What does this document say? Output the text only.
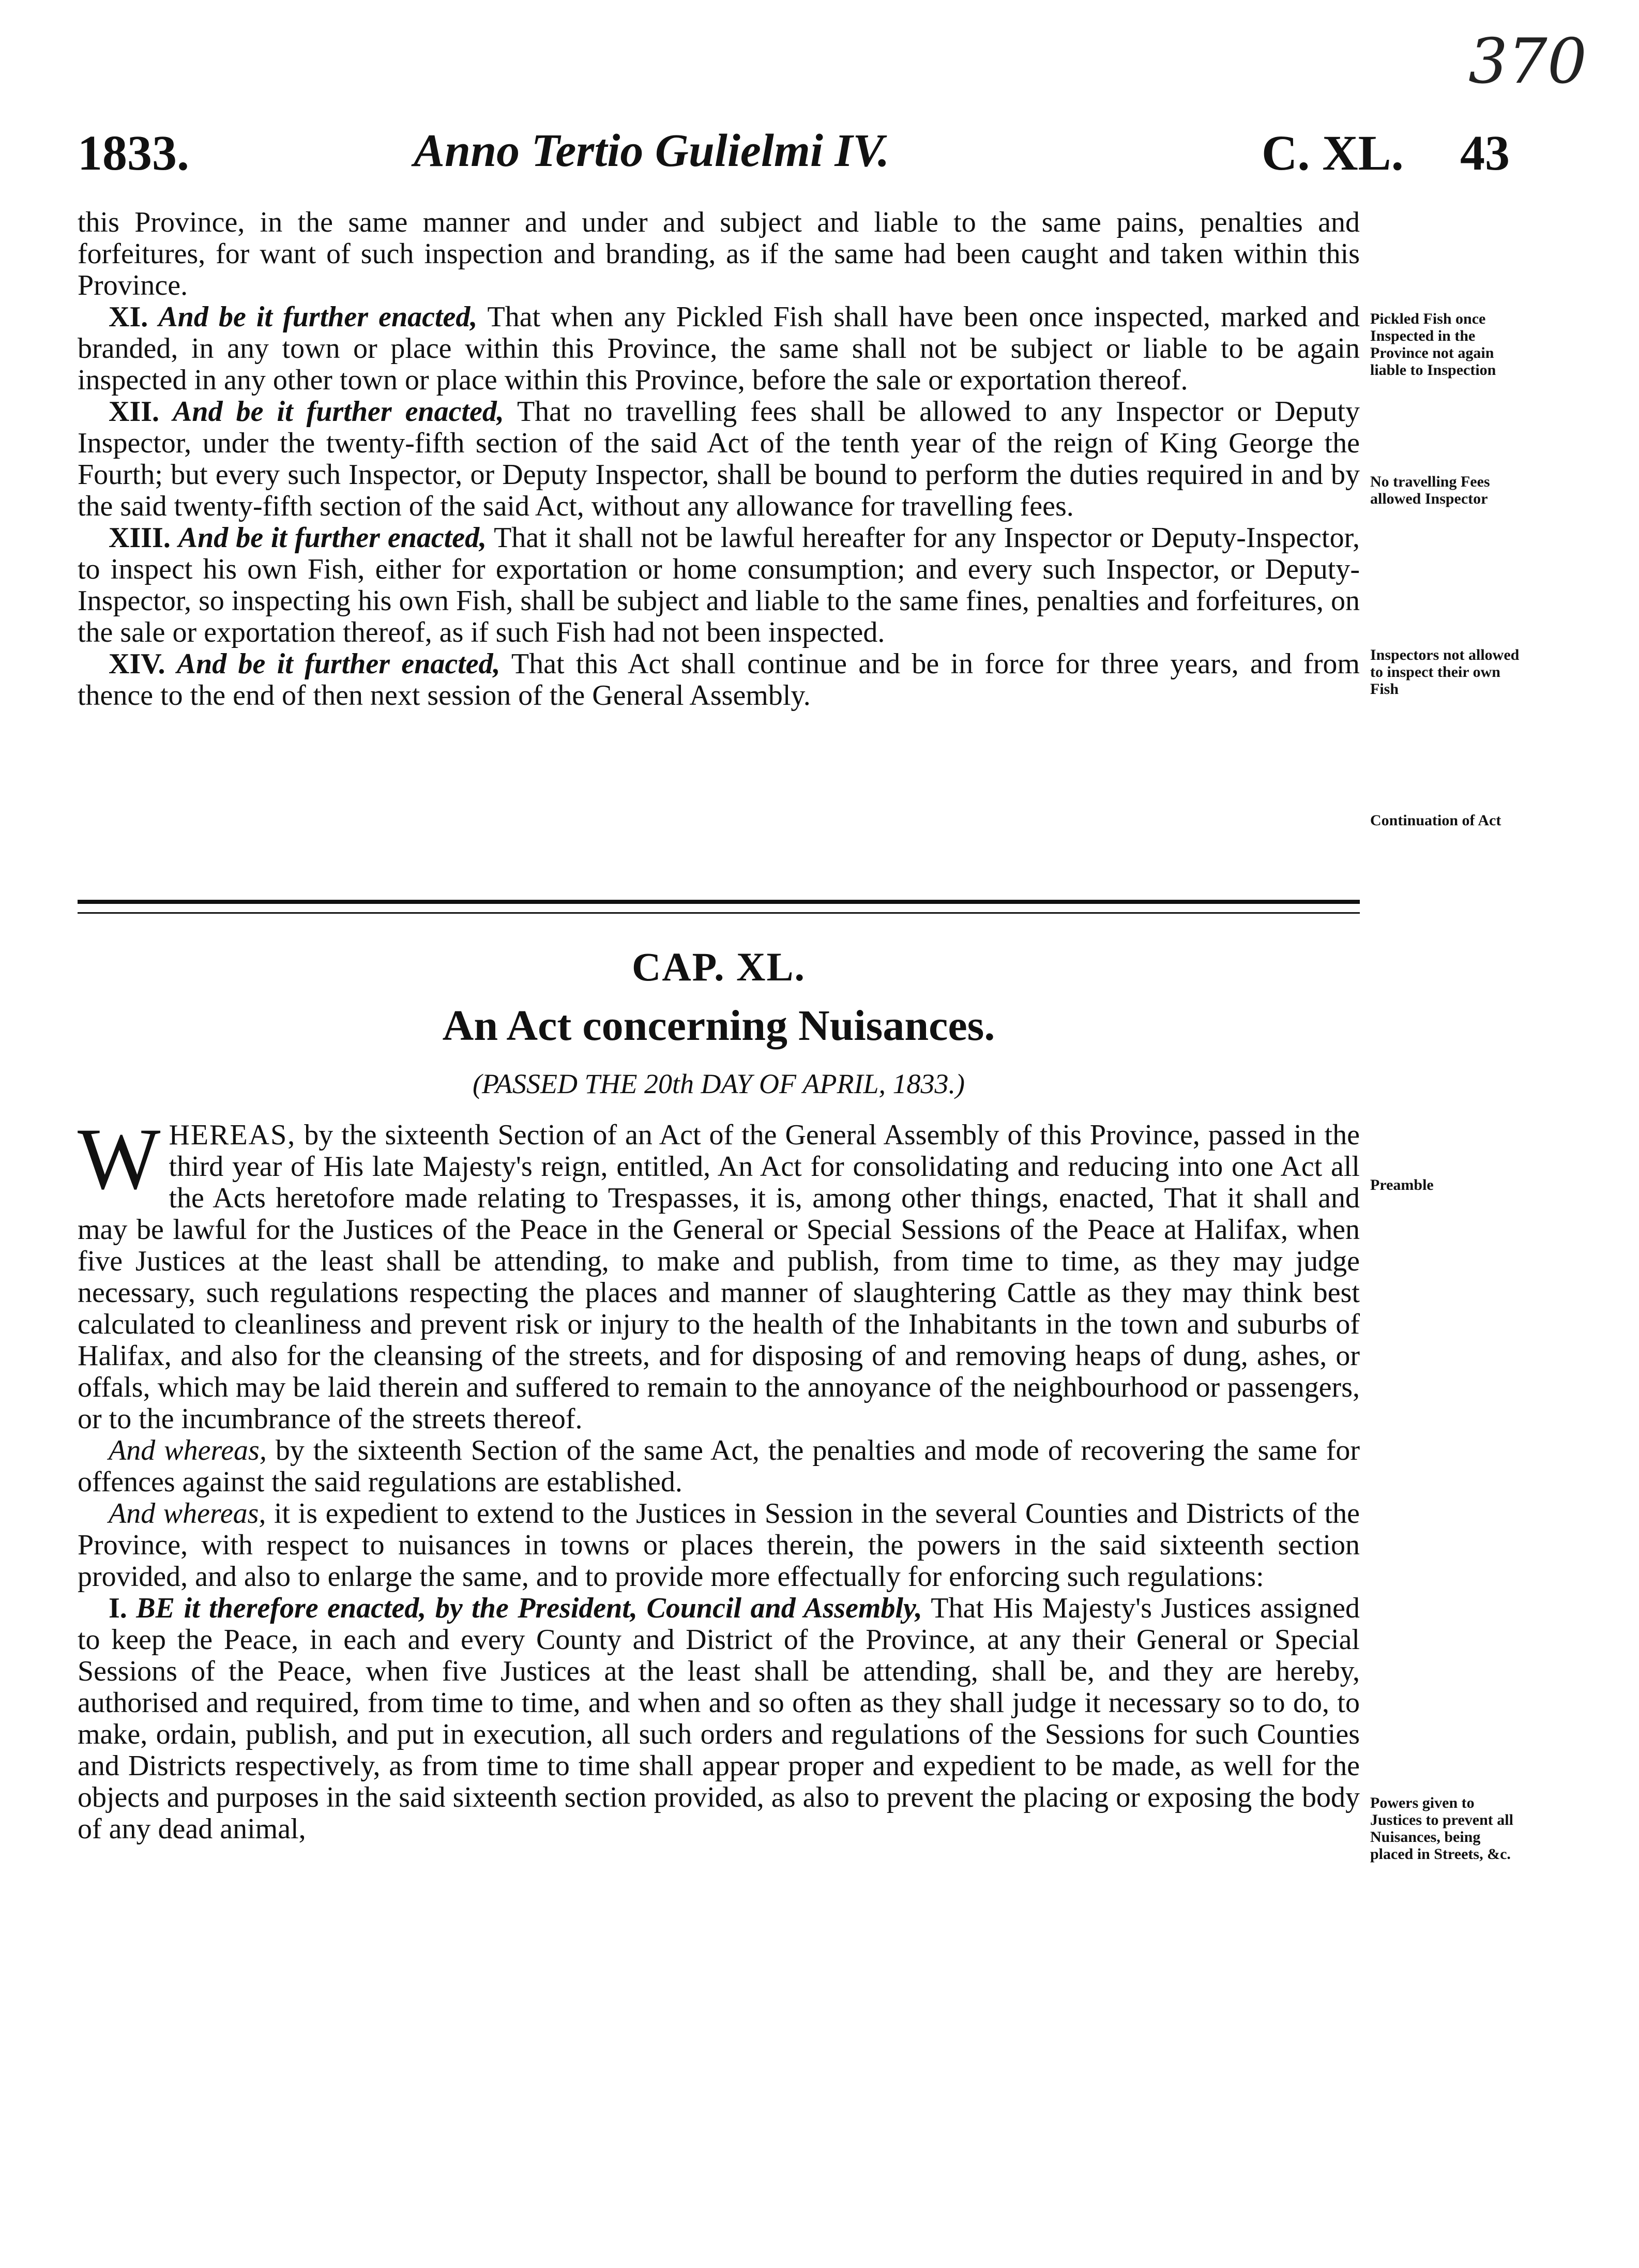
370
1833.	Anno Tertio Gulielmi IV.	C. XL. 43

this Province, in the same manner and under and subject and liable to the same pains, penalties and forfeitures, for want of such inspection and branding, as if the same had been caught and taken within this Province.

XI. And be it further enacted, That when any Pickled Fish shall have been once inspected, marked and branded, in any town or place within this Province, the same shall not be subject or liable to be again inspected in any other town or place within this Province, before the sale or exportation thereof.

XII. And be it further enacted, That no travelling fees shall be allowed to any Inspector or Deputy Inspector, under the twenty-fifth section of the said Act of the tenth year of the reign of King George the Fourth; but every such Inspector, or Deputy Inspector, shall be bound to perform the duties required in and by the said twenty-fifth section of the said Act, without any allowance for travelling fees.

XIII. And be it further enacted, That it shall not be lawful hereafter for any Inspector or Deputy-Inspector, to inspect his own Fish, either for exportation or home consumption; and every such Inspector, or Deputy-Inspector, so inspecting his own Fish, shall be subject and liable to the same fines, penalties and forfeitures, on the sale or exportation thereof, as if such Fish had not been inspected.

XIV. And be it further enacted, That this Act shall continue and be in force for three years, and from thence to the end of then next session of the General Assembly.

CAP. XL.
An Act concerning Nuisances.
(PASSED THE 20th DAY OF APRIL, 1833.)
W HEREAS, by the sixteenth Section of an Act of the General Assembly of this Province, passed in the third year of His late Majesty's reign, entitled, An Act for consolidating and reducing into one Act all the Acts heretofore made relating to Trespasses, it is, among other things, enacted, That it shall and may be lawful for the Justices of the Peace in the General or Special Sessions of the Peace at Halifax, when five Justices at the least shall be attending, to make and publish, from time to time, as they may judge necessary, such regulations respecting the places and manner of slaughtering Cattle as they may think best calculated to cleanliness and prevent risk or injury to the health of the Inhabitants in the town and suburbs of Halifax, and also for the cleansing of the streets, and for disposing of and removing heaps of dung, ashes, or offals, which may be laid therein and suffered to remain to the annoyance of the neighbourhood or passengers, or to the incumbrance of the streets thereof.

And whereas, by the sixteenth Section of the same Act, the penalties and mode of recovering the same for offences against the said regulations are established.

And whereas, it is expedient to extend to the Justices in Session in the several Counties and Districts of the Province, with respect to nuisances in towns or places therein, the powers in the said sixteenth section provided, and also to enlarge the same, and to provide more effectually for enforcing such regulations:

I. BE it therefore enacted, by the President, Council and Assembly, That His Majesty's Justices assigned to keep the Peace, in each and every County and District of the Province, at any their General or Special Sessions of the Peace, when five Justices at the least shall be attending, shall be, and they are hereby, authorised and required, from time to time, and when and so often as they shall judge it necessary so to do, to make, ordain, publish, and put in execution, all such orders and regulations of the Sessions for such Counties and Districts respectively, as from time to time shall appear proper and expedient to be made, as well for the objects and purposes in the said sixteenth section provided, as also to prevent the placing or exposing the body of any dead animal,

Pickled Fish once Inspected in the Province not again liable to Inspection
No travelling Fees allowed Inspector
Inspectors not allowed to inspect their own Fish
Continuation of Act
Preamble
Powers given to Justices to prevent all Nuisances, being placed in Streets, &c.
